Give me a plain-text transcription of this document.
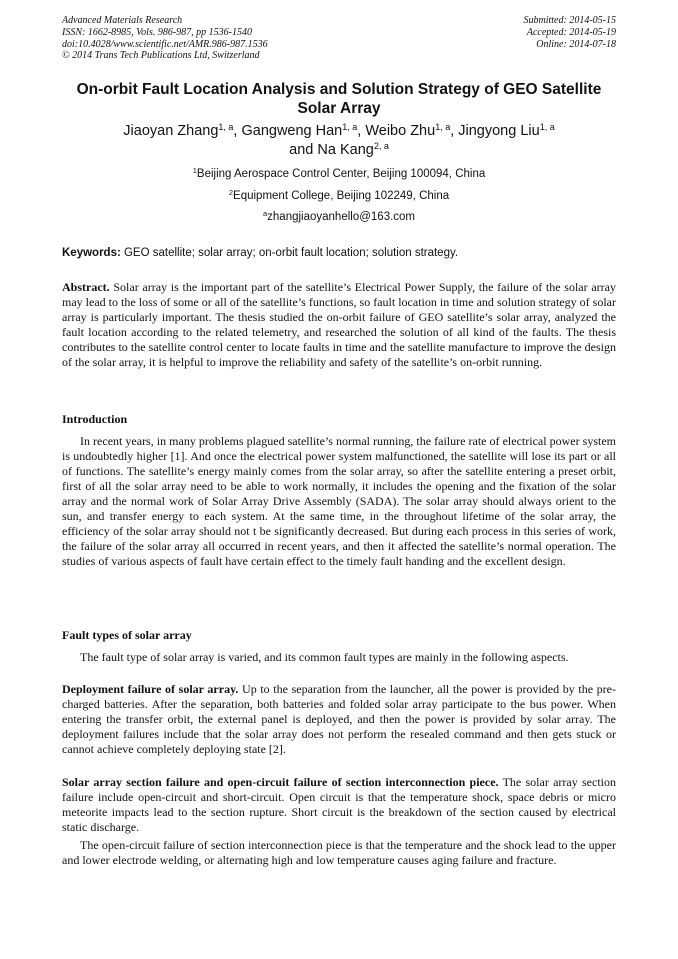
Advanced Materials Research
ISSN: 1662-8985, Vols. 986-987, pp 1536-1540
doi:10.4028/www.scientific.net/AMR.986-987.1536
© 2014 Trans Tech Publications Ltd, Switzerland
Submitted: 2014-05-15
Accepted: 2014-05-19
Online: 2014-07-18
On-orbit Fault Location Analysis and Solution Strategy of GEO Satellite
Solar Array
Jiaoyan Zhang$^{1, a}$, Gangweng Han$^{1, a}$, Weibo Zhu$^{1, a}$, Jingyong Liu$^{1, a}$
and Na Kang$^{2, a}$
$^1$Beijing Aerospace Control Center, Beijing 100094, China
$^2$Equipment College, Beijing 102249, China
$^a$zhangjiaoyanhello@163.com
Keywords: GEO satellite; solar array; on-orbit fault location; solution strategy.
Abstract. Solar array is the important part of the satellite’s Electrical Power Supply, the failure of the solar array may lead to the loss of some or all of the satellite’s functions, so fault location in time and solution strategy of solar array is particularly important. The thesis studied the on-orbit failure of GEO satellite’s solar array, analyzed the fault location according to the related telemetry, and researched the solution of all kind of the faults. The thesis contributes to the satellite control center to locate faults in time and the satellite manufacture to improve the design of the solar array, it is helpful to improve the reliability and safety of the satellite’s on-orbit running.
Introduction
In recent years, in many problems plagued satellite’s normal running, the failure rate of electrical power system is undoubtedly higher [1]. And once the electrical power system malfunctioned, the satellite will lose its part or all of functions. The satellite’s energy mainly comes from the solar array, so after the satellite entering a preset orbit, first of all the solar array need to be able to work normally, it includes the opening and the fixation of the solar array and the normal work of Solar Array Drive Assembly (SADA). The solar array should always orient to the sun, and transfer energy to each system. At the same time, in the throughout lifetime of the solar array, the efficiency of the solar array should not t be significantly decreased. But during each process in this series of work, the failure of the solar array all occurred in recent years, and then it affected the satellite’s normal operation. The studies of various aspects of fault have certain effect to the timely fault handing and the excellent design.
Fault types of solar array
The fault type of solar array is varied, and its common fault types are mainly in the following aspects.
Deployment failure of solar array. Up to the separation from the launcher, all the power is provided by the pre-charged batteries. After the separation, both batteries and folded solar array participate to the bus power. When entering the transfer orbit, the external panel is deployed, and then the power is provided by solar array. The deployment failures include that the solar array does not perform the resealed command and then gets stuck or cannot achieve completely deploying state [2].
Solar array section failure and open-circuit failure of section interconnection piece. The solar array section failure include open-circuit and short-circuit. Open circuit is that the temperature shock, space debris or micro meteorite impacts lead to the section rupture. Short circuit is the breakdown of the section caused by electrical static discharge.
The open-circuit failure of section interconnection piece is that the temperature and the shock lead to the upper and lower electrode welding, or alternating high and low temperature causes aging failure and fracture.
